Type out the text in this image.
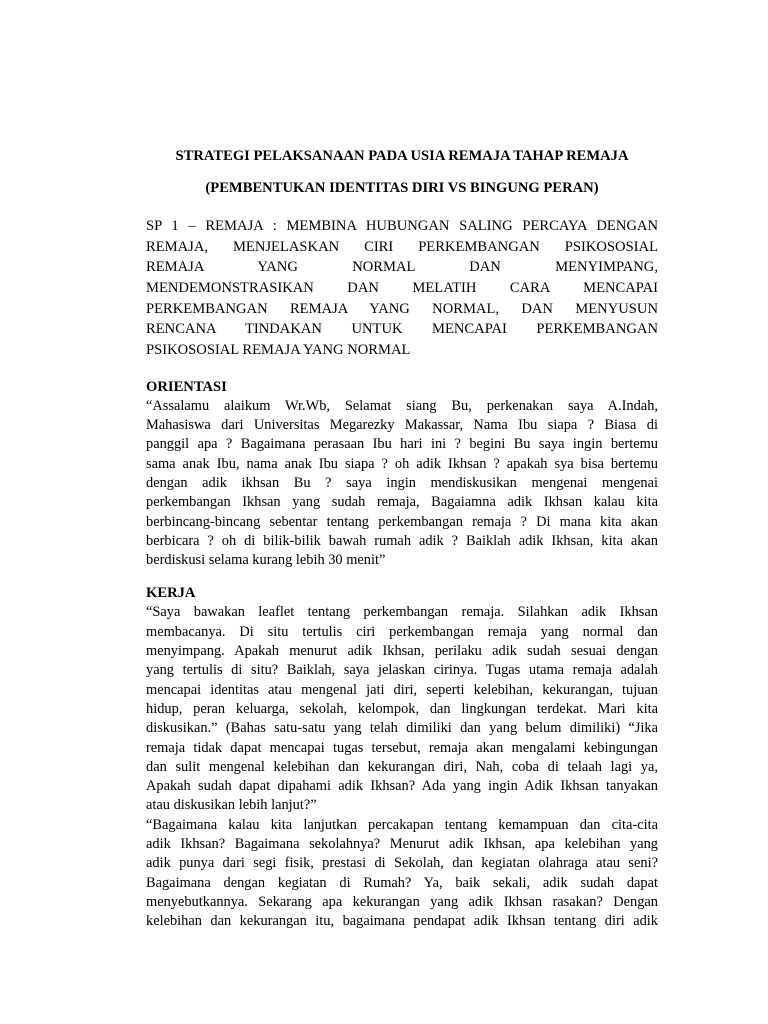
STRATEGI PELAKSANAAN PADA USIA REMAJA TAHAP REMAJA

(PEMBENTUKAN IDENTITAS DIRI VS BINGUNG PERAN)

SP 1 – REMAJA : MEMBINA HUBUNGAN SALING PERCAYA DENGAN
REMAJA, MENJELASKAN CIRI PERKEMBANGAN PSIKOSOSIAL
REMAJA YANG NORMAL DAN MENYIMPANG,
MENDEMONSTRASIKAN DAN MELATIH CARA MENCAPAI
PERKEMBANGAN REMAJA YANG NORMAL, DAN MENYUSUN
RENCANA TINDAKAN UNTUK MENCAPAI PERKEMBANGAN
PSIKOSOSIAL REMAJA YANG NORMAL

ORIENTASI

“Assalamu alaikum Wr.Wb, Selamat siang Bu, perkenakan saya A.Indah,
Mahasiswa dari Universitas Megarezky Makassar, Nama Ibu siapa ? Biasa di
panggil apa ? Bagaimana perasaan Ibu hari ini ? begini Bu saya ingin bertemu
sama anak Ibu, nama anak Ibu siapa ? oh adik Ikhsan ? apakah sya bisa bertemu
dengan adik ikhsan Bu ? saya ingin mendiskusikan mengenai mengenai
perkembangan Ikhsan yang sudah remaja, Bagaiamna adik Ikhsan kalau kita
berbincang-bincang sebentar tentang perkembangan remaja ? Di mana kita akan
berbicara ? oh di bilik-bilik bawah rumah adik ? Baiklah adik Ikhsan, kita akan
berdiskusi selama kurang lebih 30 menit”

KERJA

“Saya bawakan leaflet tentang perkembangan remaja. Silahkan adik Ikhsan
membacanya. Di situ tertulis ciri perkembangan remaja yang normal dan
menyimpang. Apakah menurut adik Ikhsan, perilaku adik sudah sesuai dengan
yang tertulis di situ? Baiklah, saya jelaskan cirinya. Tugas utama remaja adalah
mencapai identitas atau mengenal jati diri, seperti kelebihan, kekurangan, tujuan
hidup, peran keluarga, sekolah, kelompok, dan lingkungan terdekat. Mari kita
diskusikan.” (Bahas satu-satu yang telah dimiliki dan yang belum dimiliki) “Jika
remaja tidak dapat mencapai tugas tersebut, remaja akan mengalami kebingungan
dan sulit mengenal kelebihan dan kekurangan diri, Nah, coba di telaah lagi ya,
Apakah sudah dapat dipahami adik Ikhsan? Ada yang ingin Adik Ikhsan tanyakan
atau diskusikan lebih lanjut?”
“Bagaimana kalau kita lanjutkan percakapan tentang kemampuan dan cita-cita
adik Ikhsan? Bagaimana sekolahnya? Menurut adik Ikhsan, apa kelebihan yang
adik punya dari segi fisik, prestasi di Sekolah, dan kegiatan olahraga atau seni?
Bagaimana dengan kegiatan di Rumah? Ya, baik sekali, adik sudah dapat
menyebutkannya. Sekarang apa kekurangan yang adik Ikhsan rasakan? Dengan
kelebihan dan kekurangan itu, bagaimana pendapat adik Ikhsan tentang diri adik
